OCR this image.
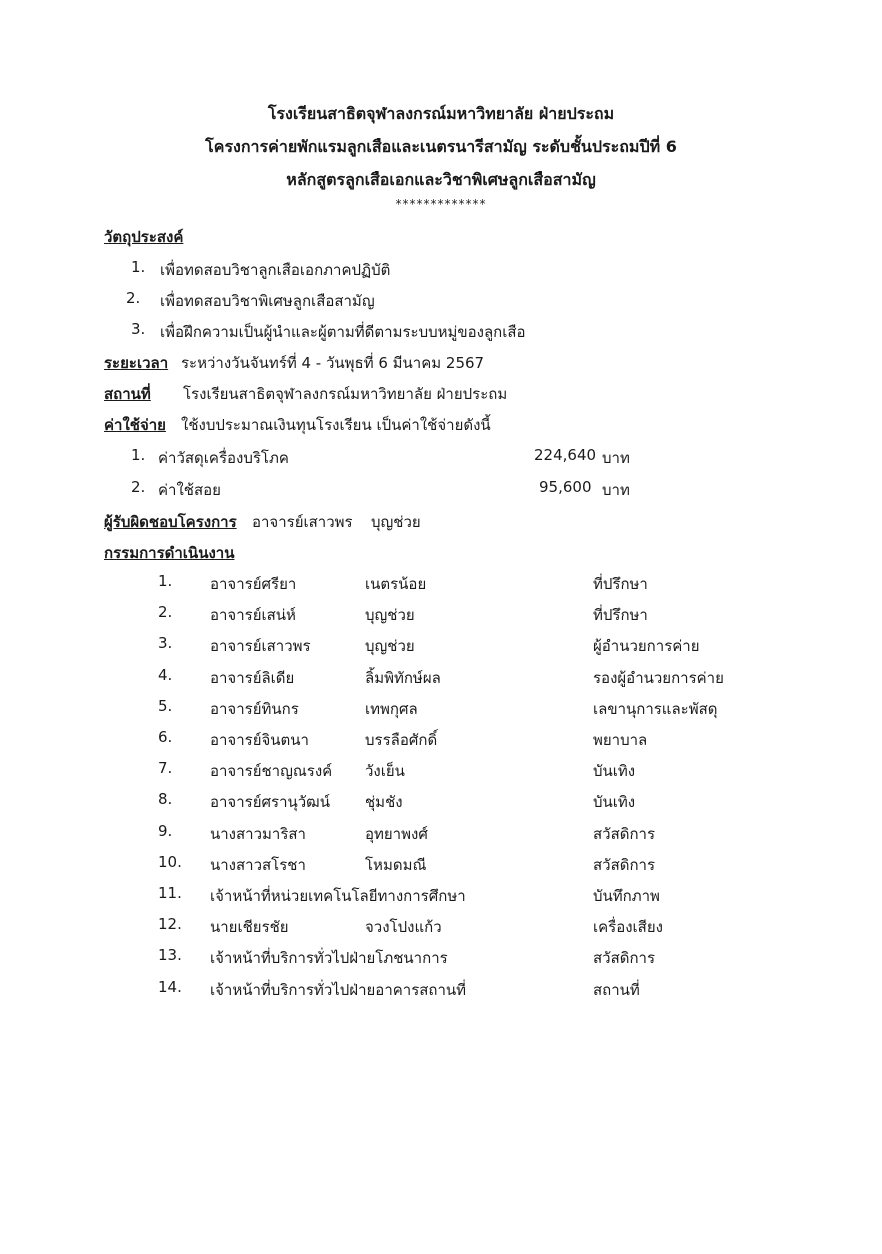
โรงเรียนสาธิตจุฬาลงกรณ์มหาวิทยาลัย ฝ่ายประถม
โครงการค่ายพักแรมลูกเสือและเนตรนารีสามัญ ระดับชั้นประถมปีที่ 6
หลักสูตรลูกเสือเอกและวิชาพิเศษลูกเสือสามัญ
*************
วัตถุประสงค์
1. เพื่อทดสอบวิชาลูกเสือเอกภาคปฏิบัติ
2. เพื่อทดสอบวิชาพิเศษลูกเสือสามัญ
3. เพื่อฝึกความเป็นผู้นำและผู้ตามที่ดีตามระบบหมู่ของลูกเสือ
ระยะเวลา ระหว่างวันจันทร์ที่ 4 - วันพุธที่ 6 มีนาคม 2567
สถานที่ โรงเรียนสาธิตจุฬาลงกรณ์มหาวิทยาลัย ฝ่ายประถม
ค่าใช้จ่าย ใช้งบประมาณเงินทุนโรงเรียน เป็นค่าใช้จ่ายดังนี้
1. ค่าวัสดุเครื่องบริโภค	224,640 บาท
2. ค่าใช้สอย	95,600 บาท
ผู้รับผิดชอบโครงการ อาจารย์เสาวพร บุญช่วย
กรรมการดำเนินงาน
1.	อาจารย์ศรียา	เนตรน้อย	ที่ปรึกษา
2.	อาจารย์เสน่ห์	บุญช่วย	ที่ปรึกษา
3.	อาจารย์เสาวพร	บุญช่วย	ผู้อำนวยการค่าย
4.	อาจารย์ลิเดีย	ลิ้มพิทักษ์ผล	รองผู้อำนวยการค่าย
5.	อาจารย์ทินกร	เทพกุศล	เลขานุการและพัสดุ
6.	อาจารย์จินตนา	บรรลือศักดิ์	พยาบาล
7.	อาจารย์ชาญณรงค์ วังเย็น	บันเทิง
8.	อาจารย์ศรานุวัฒน์ ชุ่มชัง	บันเทิง
9.	นางสาวมาริสา	อุทยาพงศ์	สวัสดิการ
10. นางสาวสโรชา	โหมดมณี	สวัสดิการ
11. เจ้าหน้าที่หน่วยเทคโนโลยีทางการศึกษา	บันทึกภาพ
12. นายเชียรชัย	จวงโปงแก้ว	เครื่องเสียง
13. เจ้าหน้าที่บริการทั่วไปฝ่ายโภชนาการ	สวัสดิการ
14. เจ้าหน้าที่บริการทั่วไปฝ่ายอาคารสถานที่	สถานที่
